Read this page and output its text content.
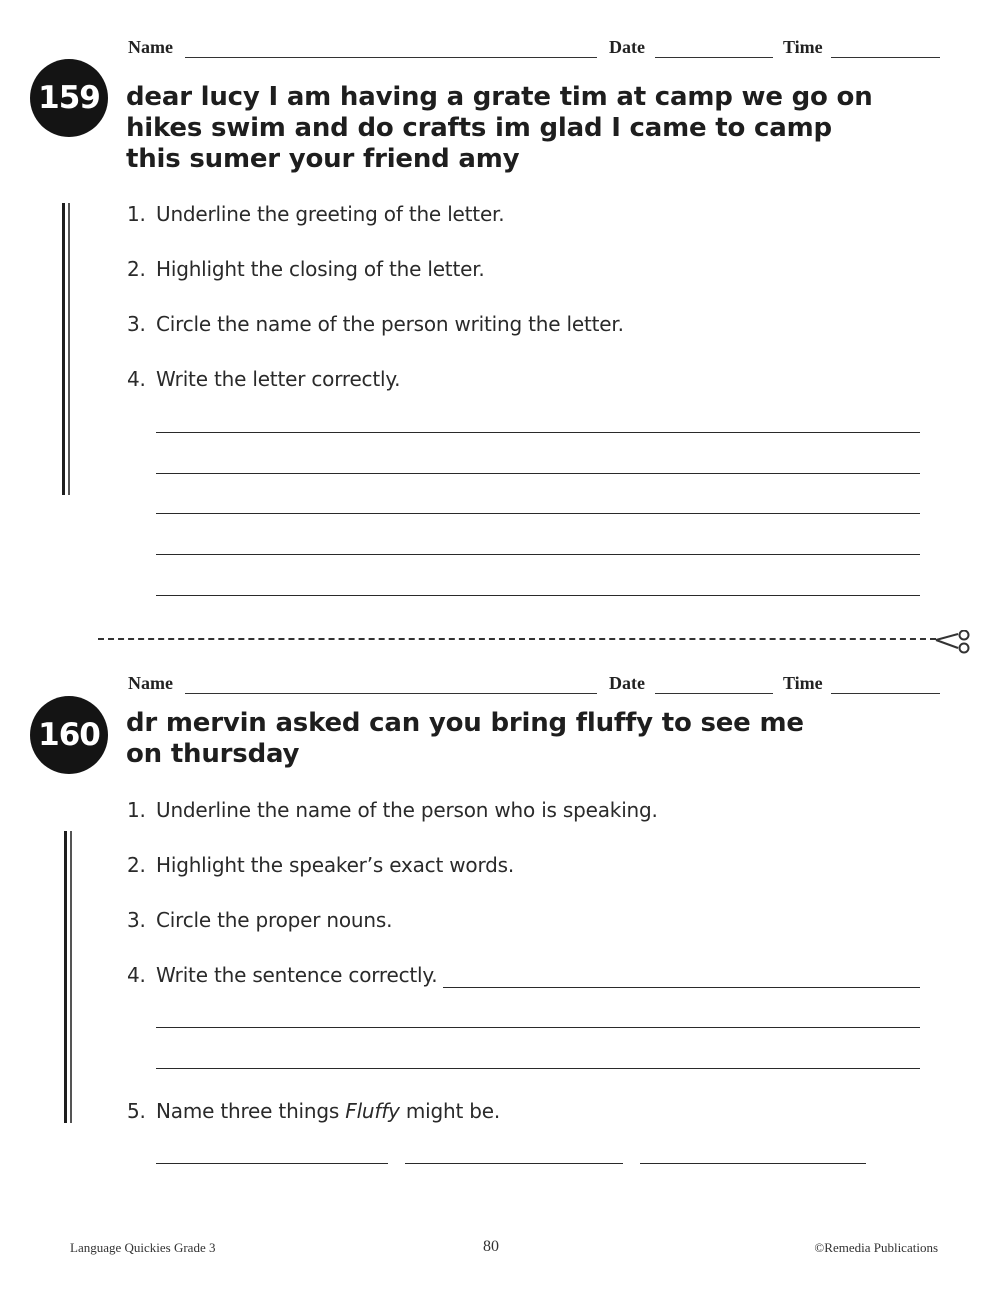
Name	Date	Time
159	dear lucy I am having a grate tim at camp we go on
hikes swim and do crafts im glad I came to camp
this sumer your friend amy
1. Underline the greeting of the letter.
2. Highlight the closing of the letter.
3. Circle the name of the person writing the letter.
4. Write the letter correctly.
Name	Date	Time
160	dr mervin asked can you bring fluffy to see me
on thursday
1. Underline the name of the person who is speaking.
2. Highlight the speaker’s exact words.
3. Circle the proper nouns.
4. Write the sentence correctly.
5. Name three things Fluffy might be.
Language Quickies Grade 3	80	©Remedia Publications
